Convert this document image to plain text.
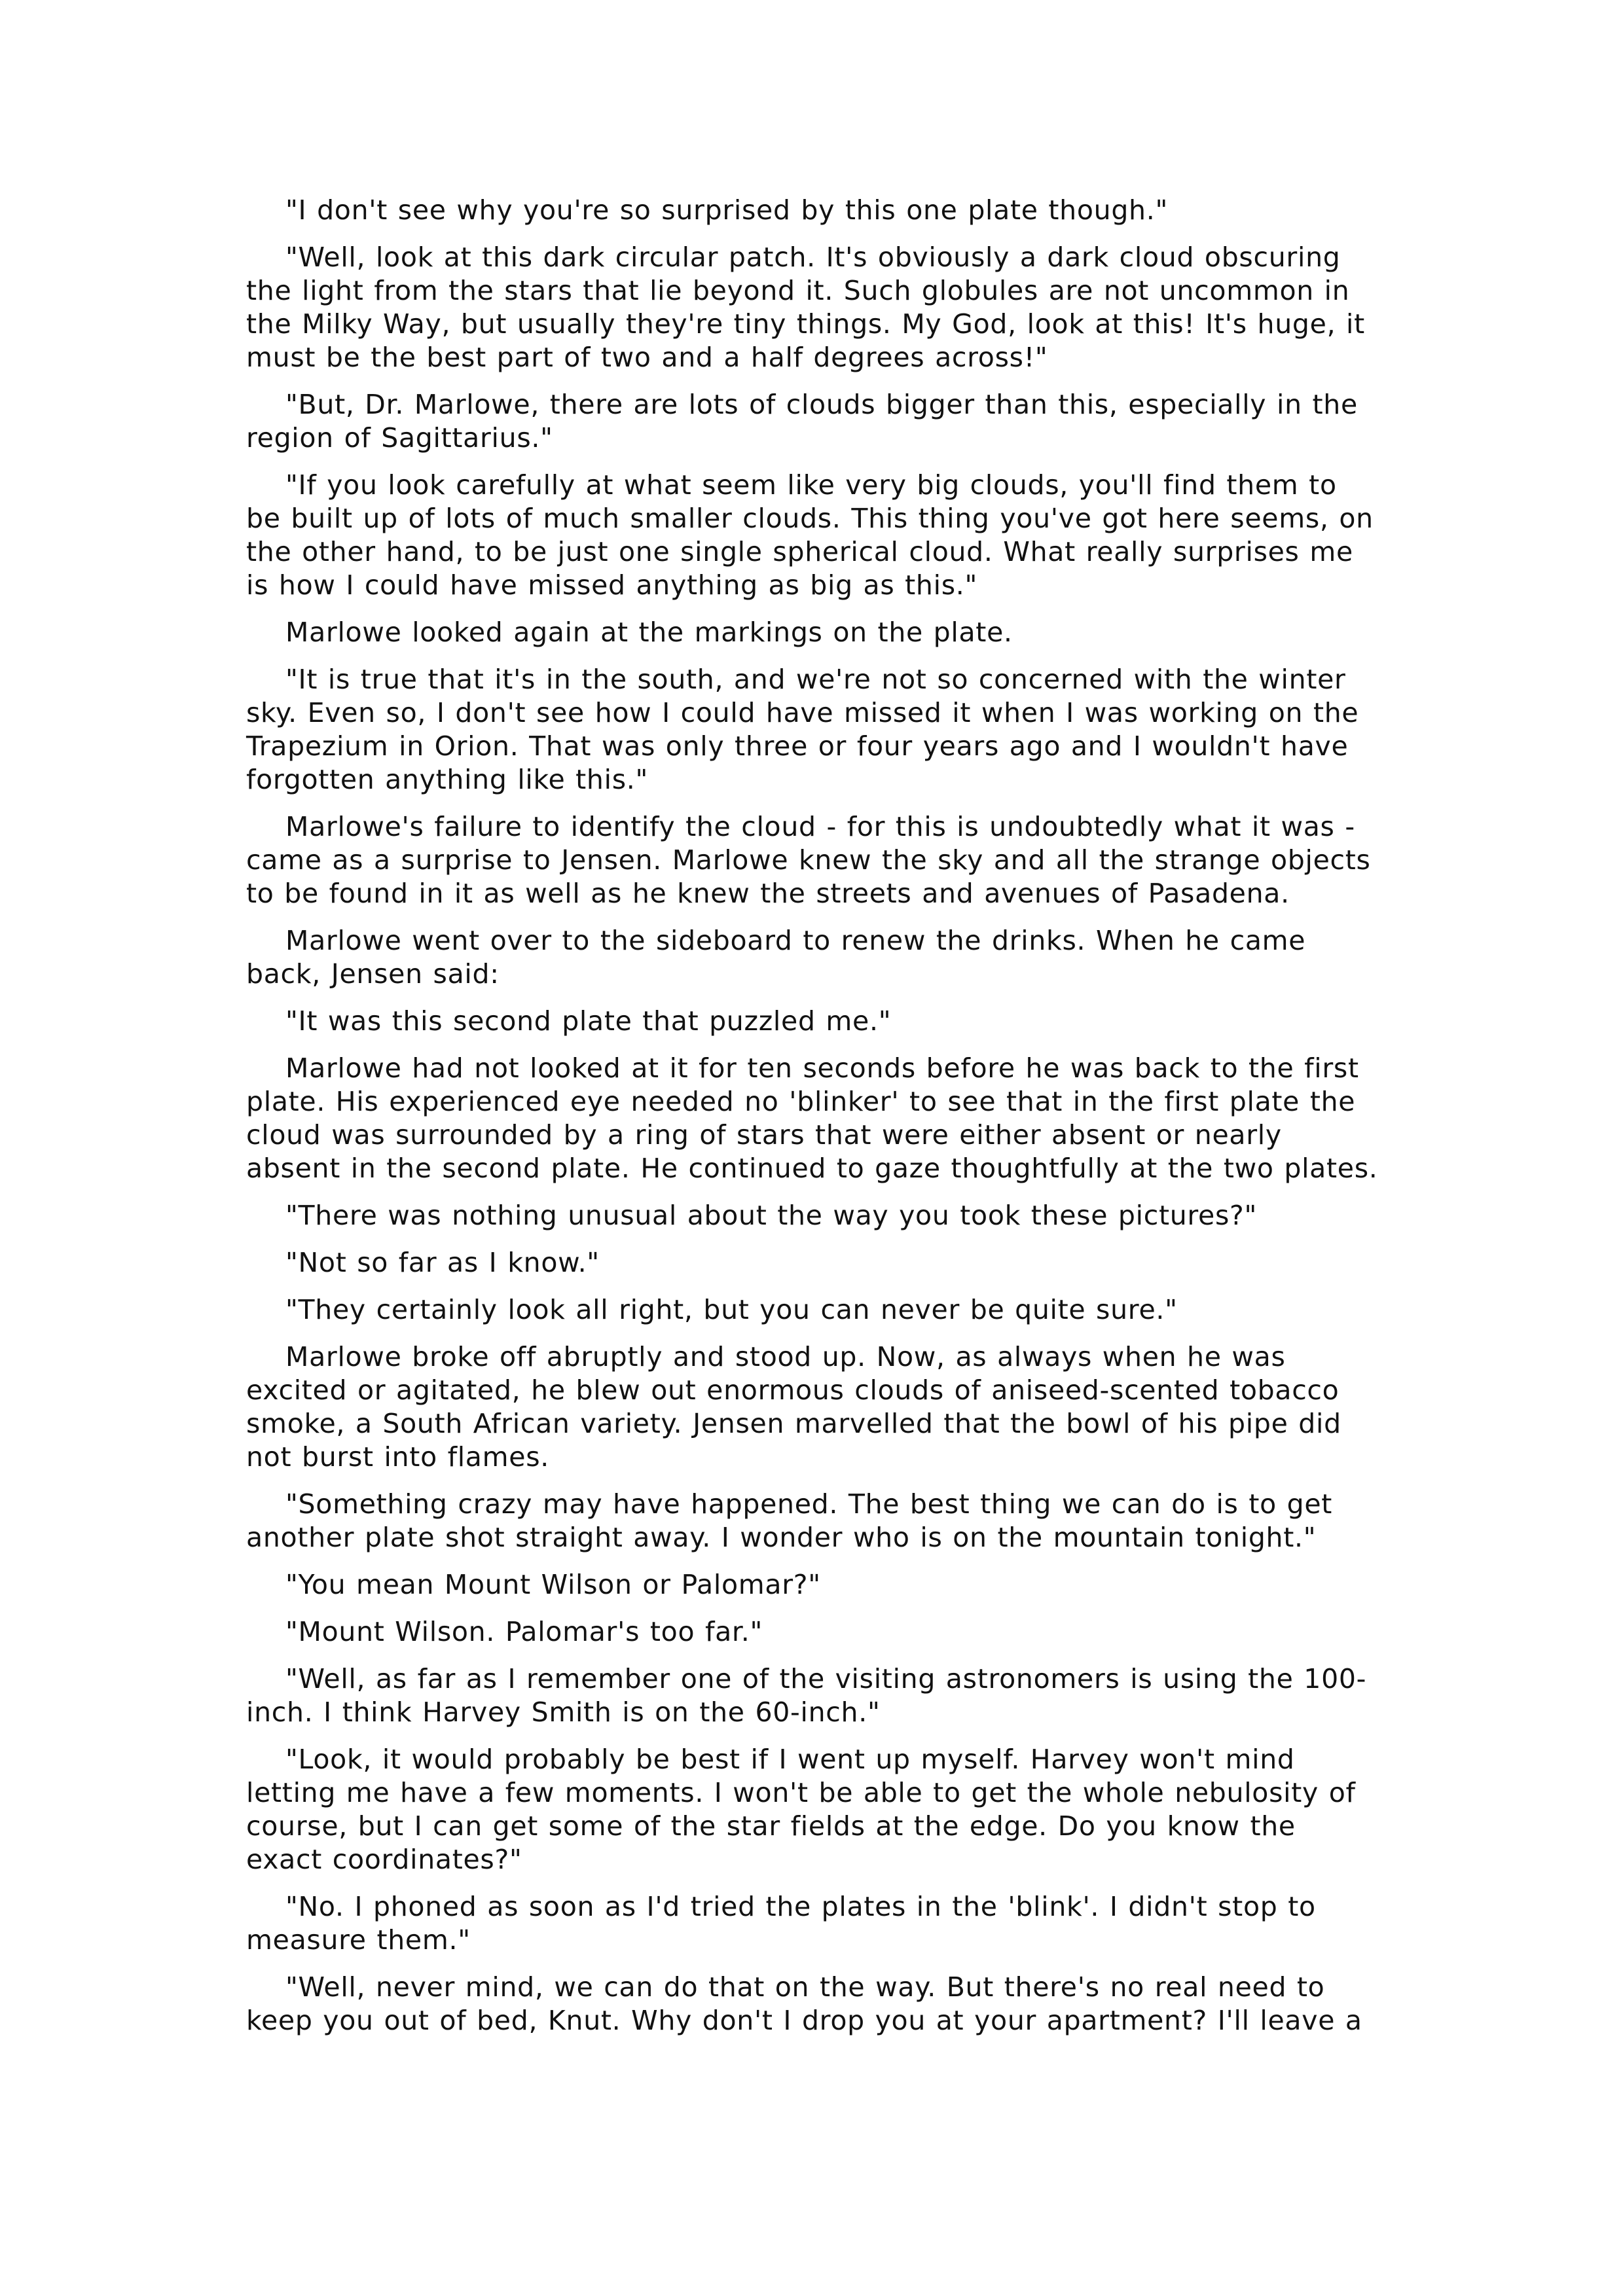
"I don't see why you're so surprised by this one plate though."

"Well, look at this dark circular patch. It's obviously a dark cloud obscuring the light from the stars that lie beyond it. Such globules are not uncommon in the Milky Way, but usually they're tiny things. My God, look at this! It's huge, it must be the best part of two and a half degrees across!"

"But, Dr. Marlowe, there are lots of clouds bigger than this, especially in the region of Sagittarius."

"If you look carefully at what seem like very big clouds, you'll find them to be built up of lots of much smaller clouds. This thing you've got here seems, on the other hand, to be just one single spherical cloud. What really surprises me is how I could have missed anything as big as this."

Marlowe looked again at the markings on the plate.

"It is true that it's in the south, and we're not so concerned with the winter sky. Even so, I don't see how I could have missed it when I was working on the Trapezium in Orion. That was only three or four years ago and I wouldn't have forgotten anything like this."

Marlowe's failure to identify the cloud - for this is undoubtedly what it was - came as a surprise to Jensen. Marlowe knew the sky and all the strange objects to be found in it as well as he knew the streets and avenues of Pasadena.

Marlowe went over to the sideboard to renew the drinks. When he came back, Jensen said:

"It was this second plate that puzzled me."

Marlowe had not looked at it for ten seconds before he was back to the first plate. His experienced eye needed no 'blinker' to see that in the first plate the cloud was surrounded by a ring of stars that were either absent or nearly absent in the second plate. He continued to gaze thoughtfully at the two plates.

"There was nothing unusual about the way you took these pictures?"

"Not so far as I know."

"They certainly look all right, but you can never be quite sure."

Marlowe broke off abruptly and stood up. Now, as always when he was excited or agitated, he blew out enormous clouds of aniseed-scented tobacco smoke, a South African variety. Jensen marvelled that the bowl of his pipe did not burst into flames.

"Something crazy may have happened. The best thing we can do is to get another plate shot straight away. I wonder who is on the mountain tonight."

"You mean Mount Wilson or Palomar?"

"Mount Wilson. Palomar's too far."

"Well, as far as I remember one of the visiting astronomers is using the 100-inch. I think Harvey Smith is on the 60-inch."

"Look, it would probably be best if I went up myself. Harvey won't mind letting me have a few moments. I won't be able to get the whole nebulosity of course, but I can get some of the star fields at the edge. Do you know the exact coordinates?"

"No. I phoned as soon as I'd tried the plates in the 'blink'. I didn't stop to measure them."

"Well, never mind, we can do that on the way. But there's no real need to keep you out of bed, Knut. Why don't I drop you at your apartment? I'll leave a
